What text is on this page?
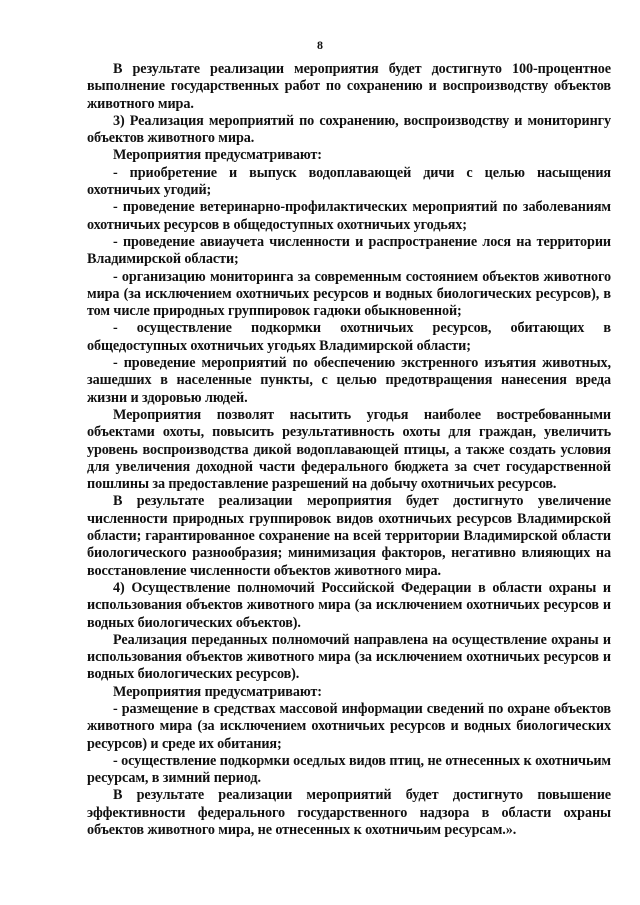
8

В результате реализации мероприятия будет достигнуто 100-процентное выполнение государственных работ по сохранению и воспроизводству объектов животного мира.

3) Реализация мероприятий по сохранению, воспроизводству и мониторингу объектов животного мира.

Мероприятия предусматривают:

- приобретение и выпуск водоплавающей дичи с целью насыщения охотничьих угодий;

- проведение ветеринарно-профилактических мероприятий по заболеваниям охотничьих ресурсов в общедоступных охотничьих угодьях;

- проведение авиаучета численности и распространение лося на территории Владимирской области;

- организацию мониторинга за современным состоянием объектов животного мира (за исключением охотничьих ресурсов и водных биологических ресурсов), в том числе природных группировок гадюки обыкновенной;

- осуществление подкормки охотничьих ресурсов, обитающих в общедоступных охотничьих угодьях Владимирской области;

- проведение мероприятий по обеспечению экстренного изъятия животных, зашедших в населенные пункты, с целью предотвращения нанесения вреда жизни и здоровью людей.

Мероприятия позволят насытить угодья наиболее востребованными объектами охоты, повысить результативность охоты для граждан, увеличить уровень воспроизводства дикой водоплавающей птицы, а также создать условия для увеличения доходной части федерального бюджета за счет государственной пошлины за предоставление разрешений на добычу охотничьих ресурсов.

В результате реализации мероприятия будет достигнуто увеличение численности природных группировок видов охотничьих ресурсов Владимирской области; гарантированное сохранение на всей территории Владимирской области биологического разнообразия; минимизация факторов, негативно влияющих на восстановление численности объектов животного мира.

4) Осуществление полномочий Российской Федерации в области охраны и использования объектов животного мира (за исключением охотничьих ресурсов и водных биологических объектов).

Реализация переданных полномочий направлена на осуществление охраны и использования объектов животного мира (за исключением охотничьих ресурсов и водных биологических ресурсов).

Мероприятия предусматривают:

- размещение в средствах массовой информации сведений по охране объектов животного мира (за исключением охотничьих ресурсов и водных биологических ресурсов) и среде их обитания;

- осуществление подкормки оседлых видов птиц, не отнесенных к охотничьим ресурсам, в зимний период.

В результате реализации мероприятий будет достигнуто повышение эффективности федерального государственного надзора в области охраны объектов животного мира, не отнесенных к охотничьим ресурсам.».
